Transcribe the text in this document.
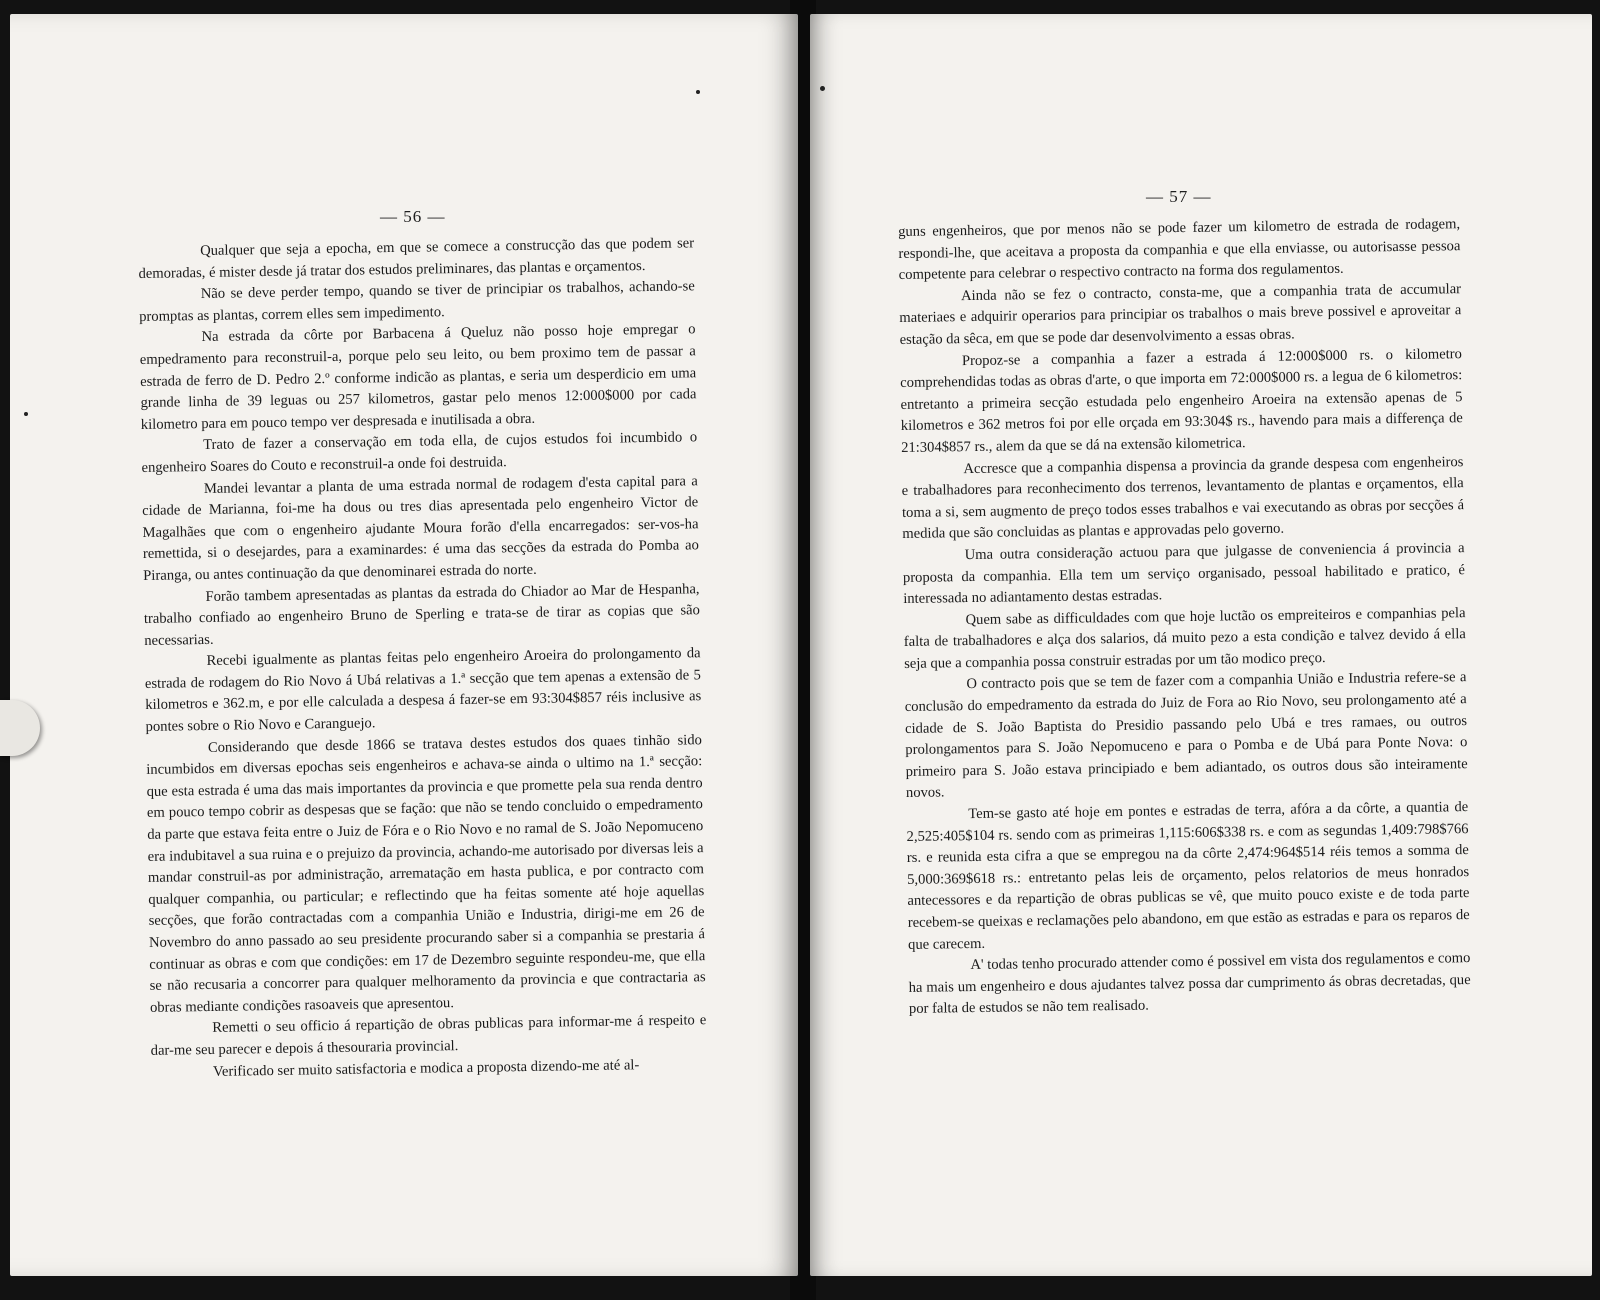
— 56 —

Qualquer que seja a epocha, em que se comece a construcção das que podem ser demoradas, é mister desde já tratar dos estudos preliminares, das plantas e orçamentos.

Não se deve perder tempo, quando se tiver de principiar os trabalhos, achando-se promptas as plantas, correm elles sem impedimento.

Na estrada da côrte por Barbacena á Queluz não posso hoje empregar o empedramento para reconstruil-a, porque pelo seu leito, ou bem proximo tem de passar a estrada de ferro de D. Pedro 2.º conforme indicão as plantas, e seria um desperdicio em uma grande linha de 39 leguas ou 257 kilometros, gastar pelo menos 12:000$000 por cada kilometro para em pouco tempo ver despresada e inutilisada a obra.

Trato de fazer a conservação em toda ella, de cujos estudos foi incumbido o engenheiro Soares do Couto e reconstruil-a onde foi destruida.

Mandei levantar a planta de uma estrada normal de rodagem d'esta capital para a cidade de Marianna, foi-me ha dous ou tres dias apresentada pelo engenheiro Victor de Magalhães que com o engenheiro ajudante Moura forão d'ella encarregados: ser-vos-ha remettida, si o desejardes, para a examinardes: é uma das secções da estrada do Pomba ao Piranga, ou antes continuação da que denominarei estrada do norte.

Forão tambem apresentadas as plantas da estrada do Chiador ao Mar de Hespanha, trabalho confiado ao engenheiro Bruno de Sperling e trata-se de tirar as copias que são necessarias.

Recebi igualmente as plantas feitas pelo engenheiro Aroeira do prolongamento da estrada de rodagem do Rio Novo á Ubá relativas a 1.ª secção que tem apenas a extensão de 5 kilometros e 362.m, e por elle calculada a despesa á fazer-se em 93:304$857 réis inclusive as pontes sobre o Rio Novo e Caranguejo.

Considerando que desde 1866 se tratava destes estudos dos quaes tinhão sido incumbidos em diversas epochas seis engenheiros e achava-se ainda o ultimo na 1.ª secção: que esta estrada é uma das mais importantes da provincia e que promette pela sua renda dentro em pouco tempo cobrir as despesas que se fação: que não se tendo concluido o empedramento da parte que estava feita entre o Juiz de Fóra e o Rio Novo e no ramal de S. João Nepomuceno era indubitavel a sua ruina e o prejuizo da provincia, achando-me autorisado por diversas leis a mandar construil-as por administração, arrematação em hasta publica, e por contracto com qualquer companhia, ou particular; e reflectindo que ha feitas somente até hoje aquellas secções, que forão contractadas com a companhia União e Industria, dirigi-me em 26 de Novembro do anno passado ao seu presidente procurando saber si a companhia se prestaria á continuar as obras e com que condições: em 17 de Dezembro seguinte respondeu-me, que ella se não recusaria a concorrer para qualquer melhoramento da provincia e que contractaria as obras mediante condições rasoaveis que apresentou.

Remetti o seu officio á repartição de obras publicas para informar-me á respeito e dar-me seu parecer e depois á thesouraria provincial.

Verificado ser muito satisfactoria e modica a proposta dizendo-me até al-

— 57 —

guns engenheiros, que por menos não se pode fazer um kilometro de estrada de rodagem, respondi-lhe, que aceitava a proposta da companhia e que ella enviasse, ou autorisasse pessoa competente para celebrar o respectivo contracto na forma dos regulamentos.

Ainda não se fez o contracto, consta-me, que a companhia trata de accumular materiaes e adquirir operarios para principiar os trabalhos o mais breve possivel e aproveitar a estação da sêca, em que se pode dar desenvolvimento a essas obras.

Propoz-se a companhia a fazer a estrada á 12:000$000 rs. o kilometro comprehendidas todas as obras d'arte, o que importa em 72:000$000 rs. a legua de 6 kilometros: entretanto a primeira secção estudada pelo engenheiro Aroeira na extensão apenas de 5 kilometros e 362 metros foi por elle orçada em 93:304$ rs., havendo para mais a differença de 21:304$857 rs., alem da que se dá na extensão kilometrica.

Accresce que a companhia dispensa a provincia da grande despesa com engenheiros e trabalhadores para reconhecimento dos terrenos, levantamento de plantas e orçamentos, ella toma a si, sem augmento de preço todos esses trabalhos e vai executando as obras por secções á medida que são concluidas as plantas e approvadas pelo governo.

Uma outra consideração actuou para que julgasse de conveniencia á provincia a proposta da companhia. Ella tem um serviço organisado, pessoal habilitado e pratico, é interessada no adiantamento destas estradas.

Quem sabe as difficuldades com que hoje luctão os empreiteiros e companhias pela falta de trabalhadores e alça dos salarios, dá muito pezo a esta condição e talvez devido á ella seja que a companhia possa construir estradas por um tão modico preço.

O contracto pois que se tem de fazer com a companhia União e Industria refere-se a conclusão do empedramento da estrada do Juiz de Fora ao Rio Novo, seu prolongamento até a cidade de S. João Baptista do Presidio passando pelo Ubá e tres ramaes, ou outros prolongamentos para S. João Nepomuceno e para o Pomba e de Ubá para Ponte Nova: o primeiro para S. João estava principiado e bem adiantado, os outros dous são inteiramente novos.

Tem-se gasto até hoje em pontes e estradas de terra, afóra a da côrte, a quantia de 2,525:405$104 rs. sendo com as primeiras 1,115:606$338 rs. e com as segundas 1,409:798$766 rs. e reunida esta cifra a que se empregou na da côrte 2,474:964$514 réis temos a somma de 5,000:369$618 rs.: entretanto pelas leis de orçamento, pelos relatorios de meus honrados antecessores e da repartição de obras publicas se vê, que muito pouco existe e de toda parte recebem-se queixas e reclamações pelo abandono, em que estão as estradas e para os reparos de que carecem.

A' todas tenho procurado attender como é possivel em vista dos regulamentos e como ha mais um engenheiro e dous ajudantes talvez possa dar cumprimento ás obras decretadas, que por falta de estudos se não tem realisado.
